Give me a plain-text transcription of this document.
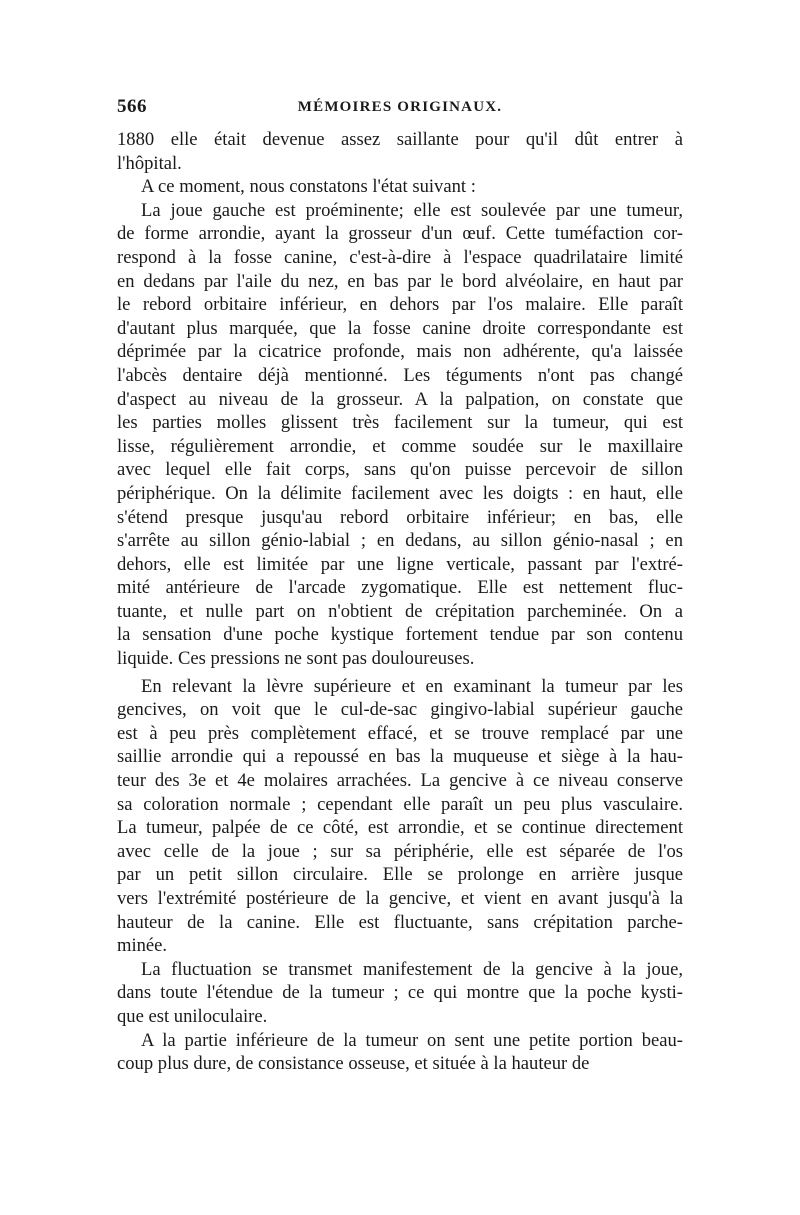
566	MÉMOIRES ORIGINAUX.
1880 elle était devenue assez saillante pour qu'il dût entrer à
l'hôpital.
A ce moment, nous constatons l'état suivant :
La joue gauche est proéminente; elle est soulevée par une tumeur,
de forme arrondie, ayant la grosseur d'un œuf. Cette tuméfaction cor-
respond à la fosse canine, c'est-à-dire à l'espace quadrilataire limité
en dedans par l'aile du nez, en bas par le bord alvéolaire, en haut par
le rebord orbitaire inférieur, en dehors par l'os malaire. Elle paraît
d'autant plus marquée, que la fosse canine droite correspondante est
déprimée par la cicatrice profonde, mais non adhérente, qu'a laissée
l'abcès dentaire déjà mentionné. Les téguments n'ont pas changé
d'aspect au niveau de la grosseur. A la palpation, on constate que
les parties molles glissent très facilement sur la tumeur, qui est
lisse, régulièrement arrondie, et comme soudée sur le maxillaire
avec lequel elle fait corps, sans qu'on puisse percevoir de sillon
périphérique. On la délimite facilement avec les doigts : en haut, elle
s'étend presque jusqu'au rebord orbitaire inférieur; en bas, elle
s'arrête au sillon génio-labial ; en dedans, au sillon génio-nasal ; en
dehors, elle est limitée par une ligne verticale, passant par l'extré-
mité antérieure de l'arcade zygomatique. Elle est nettement fluc-
tuante, et nulle part on n'obtient de crépitation parcheminée. On a
la sensation d'une poche kystique fortement tendue par son contenu
liquide. Ces pressions ne sont pas douloureuses.
En relevant la lèvre supérieure et en examinant la tumeur par les
gencives, on voit que le cul-de-sac gingivo-labial supérieur gauche
est à peu près complètement effacé, et se trouve remplacé par une
saillie arrondie qui a repoussé en bas la muqueuse et siège à la hau-
teur des 3e et 4e molaires arrachées. La gencive à ce niveau conserve
sa coloration normale ; cependant elle paraît un peu plus vasculaire.
La tumeur, palpée de ce côté, est arrondie, et se continue directement
avec celle de la joue ; sur sa périphérie, elle est séparée de l'os
par un petit sillon circulaire. Elle se prolonge en arrière jusque
vers l'extrémité postérieure de la gencive, et vient en avant jusqu'à la
hauteur de la canine. Elle est fluctuante, sans crépitation parche-
minée.
La fluctuation se transmet manifestement de la gencive à la joue,
dans toute l'étendue de la tumeur ; ce qui montre que la poche kysti-
que est uniloculaire.
A la partie inférieure de la tumeur on sent une petite portion beau-
coup plus dure, de consistance osseuse, et située à la hauteur de
